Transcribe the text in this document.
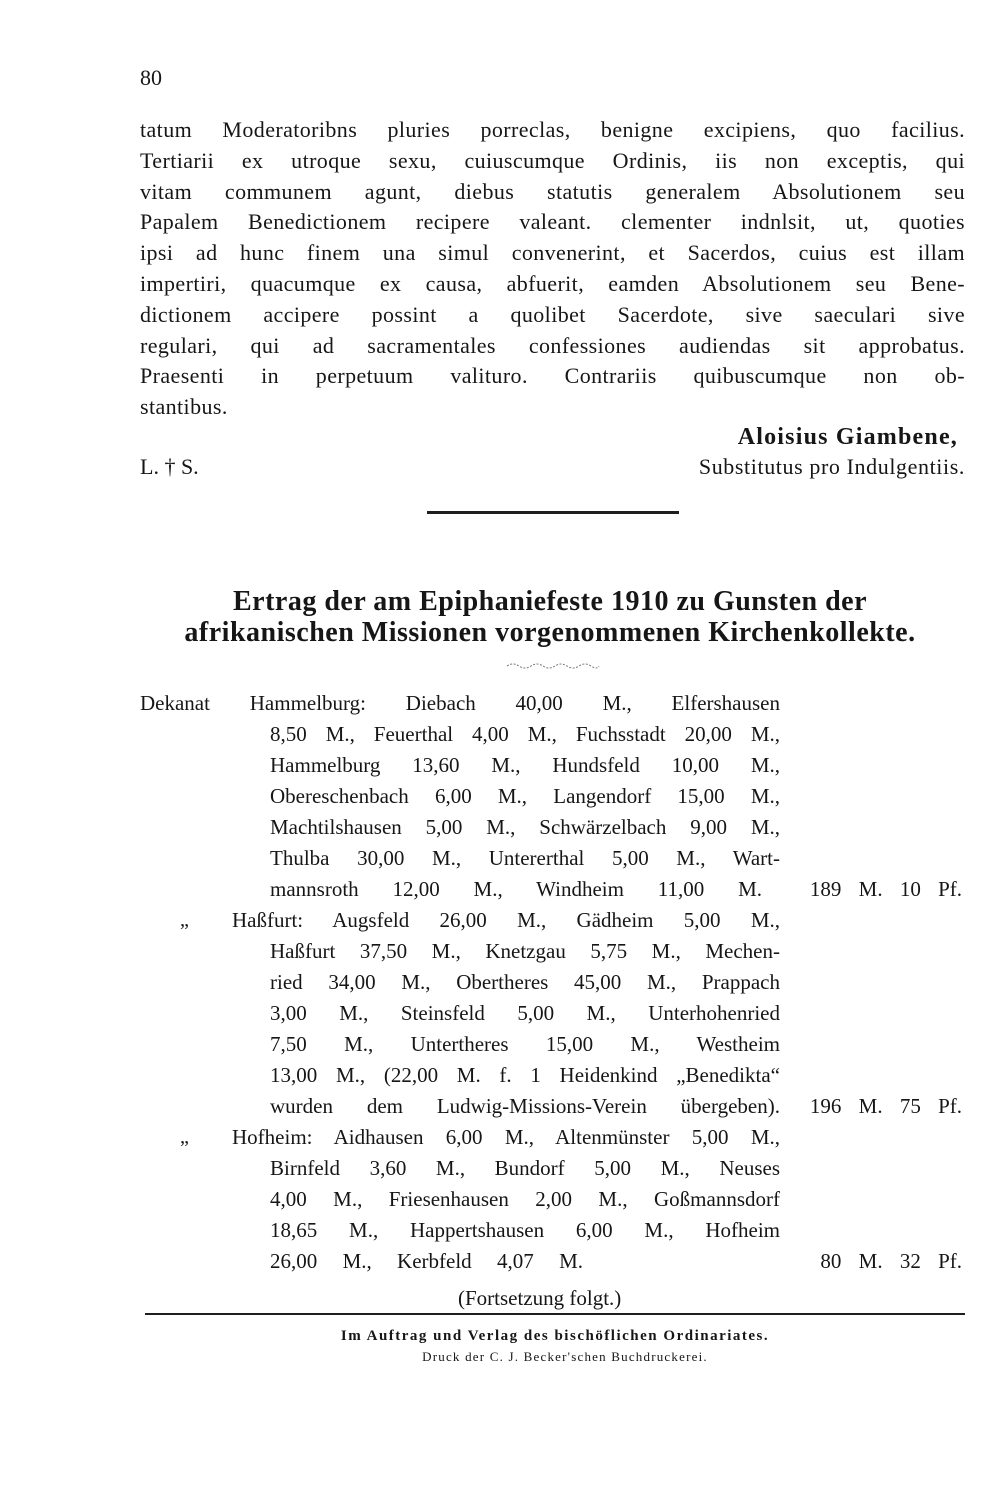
80
tatum Moderatoribns pluries porreclas, benigne excipiens, quo facilius.
Tertiarii ex utroque sexu, cuiuscumque Ordinis, iis non exceptis, qui
vitam communem agunt, diebus statutis generalem Absolutionem seu
Papalem Benedictionem recipere valeant. clementer indnlsit, ut, quoties
ipsi ad hunc finem una simul convenerint, et Sacerdos, cuius est illam
impertiri, quacumque ex causa, abfuerit, eamden Absolutionem seu Bene-
dictionem accipere possint a quolibet Sacerdote, sive saeculari sive
regulari, qui ad sacramentales confessiones audiendas sit approbatus.
Praesenti in perpetuum valituro. Contrariis quibuscumque non ob-
stantibus.
Aloisius Giambene,
L. † S.	Substitutus pro Indulgentiis.
Ertrag der am Epiphaniefeste 1910 zu Gunsten der
afrikanischen Missionen vorgenommenen Kirchenkollekte.
Dekanat Hammelburg: Diebach 40,00 M., Elfershausen
8,50 M., Feuerthal 4,00 M., Fuchsstadt 20,00 M.,
Hammelburg 13,60 M., Hundsfeld 10,00 M.,
Obereschenbach 6,00 M., Langendorf 15,00 M.,
Machtilshausen 5,00 M., Schwärzelbach 9,00 M.,
Thulba 30,00 M., Untererthal 5,00 M., Wart-
mannsroth 12,00 M., Windheim 11,00 M. 189 M. 10 Pf.
„ Haßfurt: Augsfeld 26,00 M., Gädheim 5,00 M.,
Haßfurt 37,50 M., Knetzgau 5,75 M., Mechen-
ried 34,00 M., Obertheres 45,00 M., Prappach
3,00 M., Steinsfeld 5,00 M., Unterhohenried
7,50 M., Untertheres 15,00 M., Westheim
13,00 M., (22,00 M. f. 1 Heidenkind „Benedikta“
wurden dem Ludwig-Missions-Verein übergeben). 196 M. 75 Pf.
„ Hofheim: Aidhausen 6,00 M., Altenmünster 5,00 M.,
Birnfeld 3,60 M., Bundorf 5,00 M., Neuses
4,00 M., Friesenhausen 2,00 M., Goßmannsdorf
18,65 M., Happertshausen 6,00 M., Hofheim
26,00 M., Kerbfeld 4,07 M.	80 M. 32 Pf.
(Fortsetzung folgt.)
Im Auftrag und Verlag des bischöflichen Ordinariates.
Druck der C. J. Becker'schen Buchdruckerei.
